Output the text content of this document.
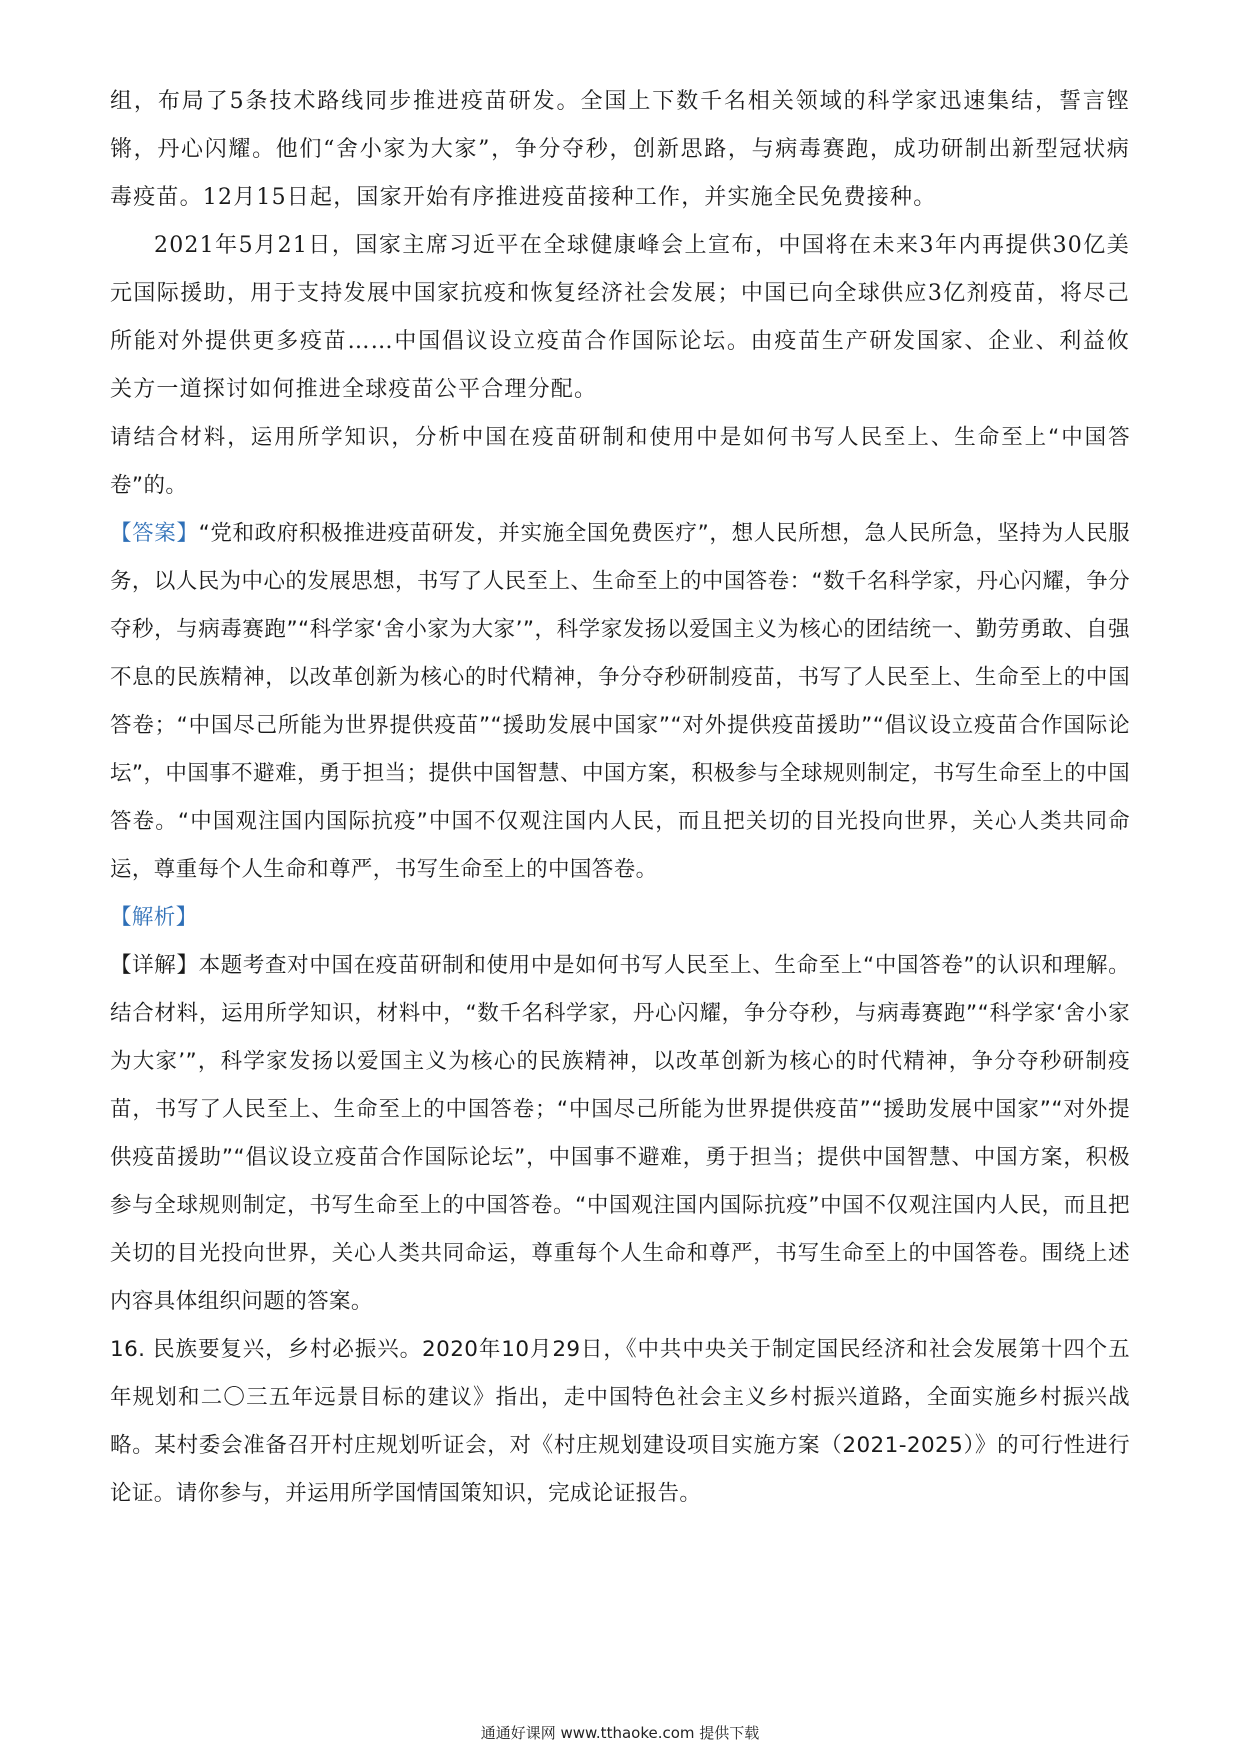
组，布局了5条技术路线同步推进疫苗研发。全国上下数千名相关领域的科学家迅速集结，誓言铿锵，丹心闪耀。他们“舍小家为大家”，争分夺秒，创新思路，与病毒赛跑，成功研制出新型冠状病毒疫苗。12月15日起，国家开始有序推进疫苗接种工作，并实施全民免费接种。

2021年5月21日，国家主席习近平在全球健康峰会上宣布，中国将在未来3年内再提供30亿美元国际援助，用于支持发展中国家抗疫和恢复经济社会发展；中国已向全球供应3亿剂疫苗，将尽己所能对外提供更多疫苗……中国倡议设立疫苗合作国际论坛。由疫苗生产研发国家、企业、利益攸关方一道探讨如何推进全球疫苗公平合理分配。

请结合材料，运用所学知识，分析中国在疫苗研制和使用中是如何书写人民至上、生命至上“中国答卷”的。

【答案】“党和政府积极推进疫苗研发，并实施全国免费医疗”，想人民所想，急人民所急，坚持为人民服务，以人民为中心的发展思想，书写了人民至上、生命至上的中国答卷：“数千名科学家，丹心闪耀，争分夺秒，与病毒赛跑”“科学家‘舍小家为大家’”，科学家发扬以爱国主义为核心的团结统一、勤劳勇敢、自强不息的民族精神，以改革创新为核心的时代精神，争分夺秒研制疫苗，书写了人民至上、生命至上的中国答卷；“中国尽己所能为世界提供疫苗”“援助发展中国家”“对外提供疫苗援助”“倡议设立疫苗合作国际论坛”，中国事不避难，勇于担当；提供中国智慧、中国方案，积极参与全球规则制定，书写生命至上的中国答卷。“中国观注国内国际抗疫”中国不仅观注国内人民，而且把关切的目光投向世界，关心人类共同命运，尊重每个人生命和尊严，书写生命至上的中国答卷。

【解析】

【详解】本题考查对中国在疫苗研制和使用中是如何书写人民至上、生命至上“中国答卷”的认识和理解。结合材料，运用所学知识，材料中，“数千名科学家，丹心闪耀，争分夺秒，与病毒赛跑”“科学家‘舍小家为大家’”，科学家发扬以爱国主义为核心的民族精神，以改革创新为核心的时代精神，争分夺秒研制疫苗，书写了人民至上、生命至上的中国答卷；“中国尽己所能为世界提供疫苗”“援助发展中国家”“对外提供疫苗援助”“倡议设立疫苗合作国际论坛”，中国事不避难，勇于担当；提供中国智慧、中国方案，积极参与全球规则制定，书写生命至上的中国答卷。“中国观注国内国际抗疫”中国不仅观注国内人民，而且把关切的目光投向世界，关心人类共同命运，尊重每个人生命和尊严，书写生命至上的中国答卷。围绕上述内容具体组织问题的答案。

16. 民族要复兴，乡村必振兴。2020年10月29日，《中共中央关于制定国民经济和社会发展第十四个五年规划和二〇三五年远景目标的建议》指出，走中国特色社会主义乡村振兴道路，全面实施乡村振兴战略。某村委会准备召开村庄规划听证会，对《村庄规划建设项目实施方案（2021-2025）》的可行性进行论证。请你参与，并运用所学国情国策知识，完成论证报告。

通通好课网 www.tthaoke.com 提供下载
